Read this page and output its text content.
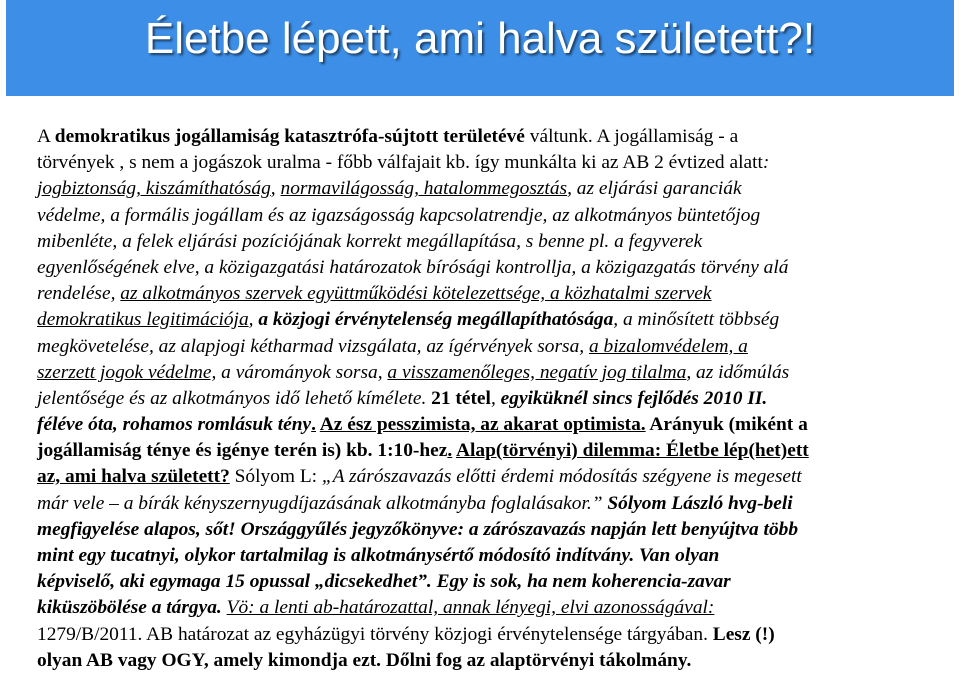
Életbe lépett, ami halva született?!
A demokratikus jogállamiság katasztrófa-sújtott területévé váltunk. A jogállamiság - a
törvények , s nem a jogászok uralma - főbb válfajait kb. így munkálta ki az AB 2 évtized alatt:
jogbiztonság, kiszámíthatóság, normavilágosság, hatalommegosztás, az eljárási garanciák
védelme, a formális jogállam és az igazságosság kapcsolatrendje, az alkotmányos büntetőjog
mibenléte, a felek eljárási pozíciójának korrekt megállapítása, s benne pl. a fegyverek
egyenlőségének elve, a közigazgatási határozatok bírósági kontrollja, a közigazgatás törvény alá
rendelése, az alkotmányos szervek együttműködési kötelezettsége, a közhatalmi szervek
demokratikus legitimációja, a közjogi érvénytelenség megállapíthatósága, a minősített többség
megkövetelése, az alapjogi kétharmad vizsgálata, az ígérvények sorsa, a bizalomvédelem, a
szerzett jogok védelme, a várományok sorsa, a visszamenőleges, negatív jog tilalma, az időmúlás
jelentősége és az alkotmányos idő lehető kímélete. 21 tétel, egyiküknél sincs fejlődés 2010 II.
féléve óta, rohamos romlásuk tény. Az ész pesszimista, az akarat optimista. Arányuk (miként a
jogállamiság ténye és igénye terén is) kb. 1:10-hez. Alap(törvényi) dilemma: Életbe lép(het)ett
az, ami halva született? Sólyom L: „A zárószavazás előtti érdemi módosítás szégyene is megesett
már vele – a bírák kényszernyugdíjazásának alkotmányba foglalásakor.” Sólyom László hvg-beli
megfigyelése alapos, sőt! Országgyűlés jegyzőkönyve: a zárószavazás napján lett benyújtva több
mint egy tucatnyi, olykor tartalmilag is alkotmánysértő módosító indítvány. Van olyan
képviselő, aki egymaga 15 opussal „dicsekedhet”. Egy is sok, ha nem koherencia-zavar
kiküszöbölése a tárgya. Vö: a lenti ab-határozattal, annak lényegi, elvi azonosságával:
1279/B/2011. AB határozat az egyházügyi törvény közjogi érvénytelensége tárgyában. Lesz (!)
olyan AB vagy OGY, amely kimondja ezt. Dőlni fog az alaptörvényi tákolmány.
